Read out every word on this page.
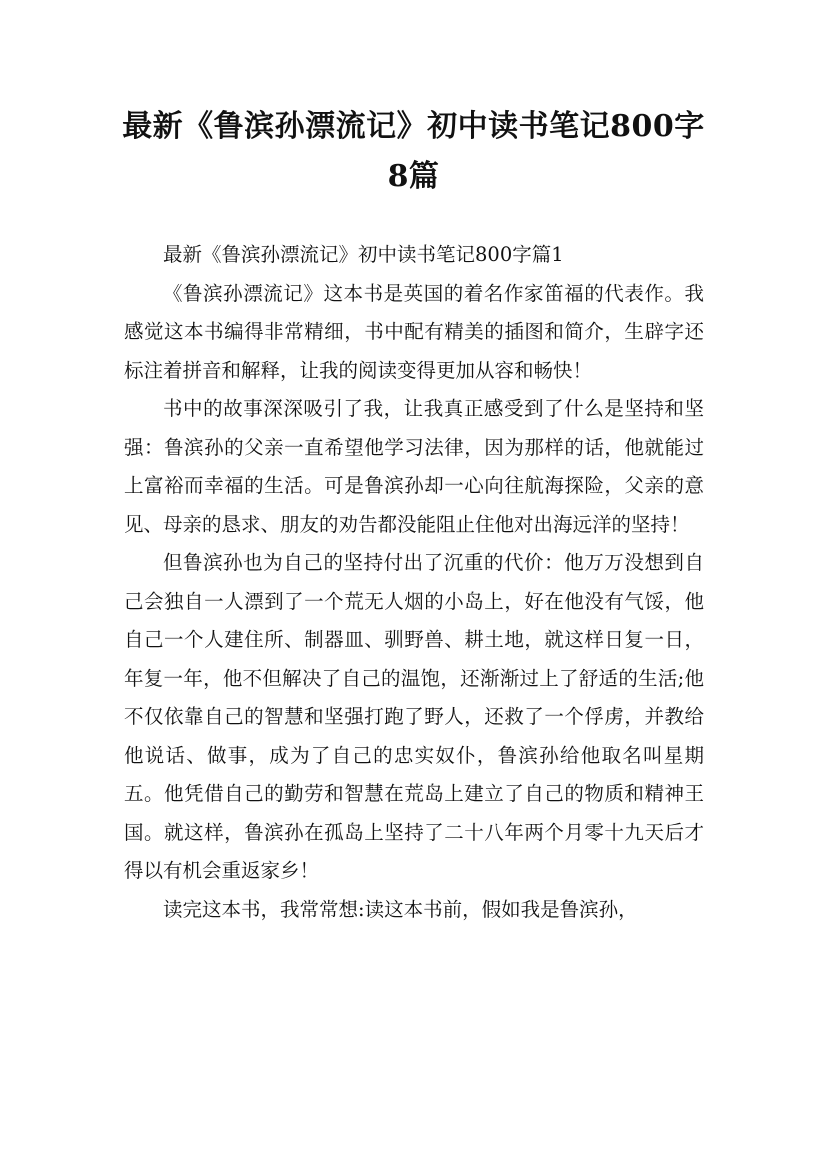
最新《鲁滨孙漂流记》初中读书笔记800字
8篇

最新《鲁滨孙漂流记》初中读书笔记800字篇1

《鲁滨孙漂流记》这本书是英国的着名作家笛福的代表作。我感觉这本书编得非常精细，书中配有精美的插图和简介，生辟字还标注着拼音和解释，让我的阅读变得更加从容和畅快！

书中的故事深深吸引了我，让我真正感受到了什么是坚持和坚强：鲁滨孙的父亲一直希望他学习法律，因为那样的话，他就能过上富裕而幸福的生活。可是鲁滨孙却一心向往航海探险，父亲的意见、母亲的恳求、朋友的劝告都没能阻止住他对出海远洋的坚持！

但鲁滨孙也为自己的坚持付出了沉重的代价：他万万没想到自己会独自一人漂到了一个荒无人烟的小岛上，好在他没有气馁，他自己一个人建住所、制器皿、驯野兽、耕土地，就这样日复一日，年复一年，他不但解决了自己的温饱，还渐渐过上了舒适的生活;他不仅依靠自己的智慧和坚强打跑了野人，还救了一个俘虏，并教给他说话、做事，成为了自己的忠实奴仆，鲁滨孙给他取名叫星期五。他凭借自己的勤劳和智慧在荒岛上建立了自己的物质和精神王国。就这样，鲁滨孙在孤岛上坚持了二十八年两个月零十九天后才得以有机会重返家乡！

读完这本书，我常常想:读这本书前，假如我是鲁滨孙，
